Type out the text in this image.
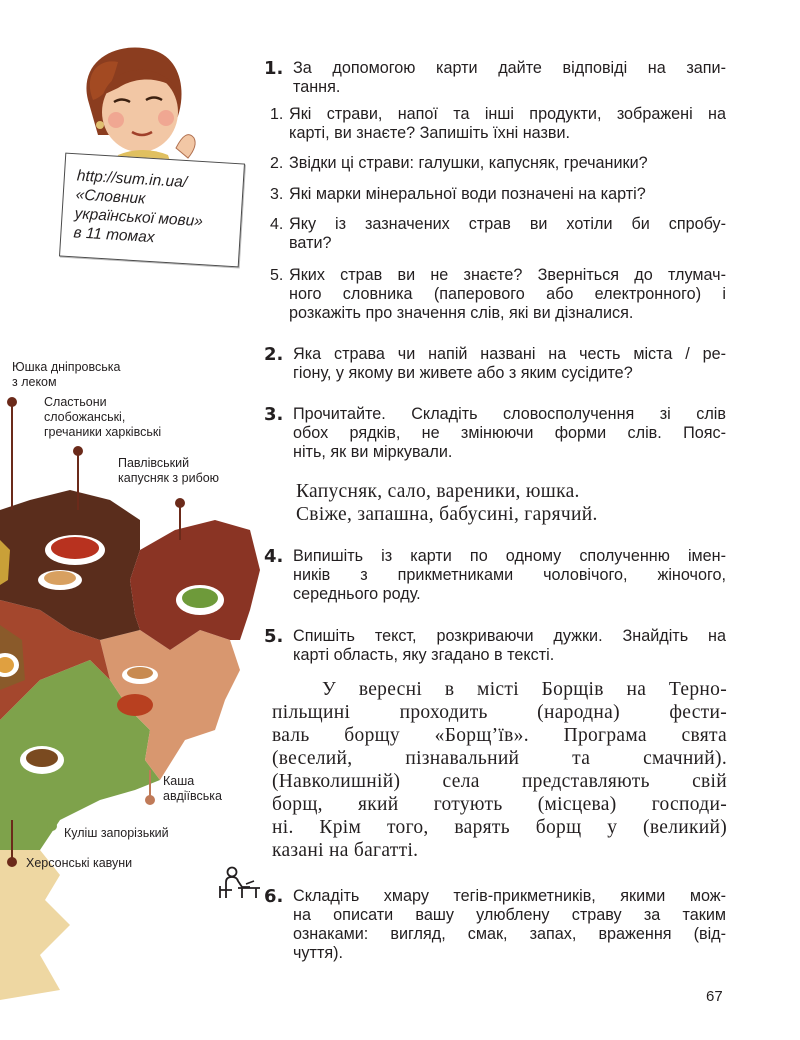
http://sum.in.ua/
«Словник
української мови»
в 11 томах
Юшка дніпровська
з леком
Сластьони
слобожанські,
гречаники харківські
Павлівський
капусняк з рибою
Каша
авдіївська
Куліш запорізький
Херсонські кавуни
1. За допомогою карти дайте відповіді на запи-
тання.
1. Які страви, напої та інші продукти, зображені на
карті, ви знаєте? Запишіть їхні назви.
2. Звідки ці страви: галушки, капусняк, гречаники?
3. Які марки мінеральної води позначені на карті?
4. Яку із зазначених страв ви хотіли би спробу-
вати?
5. Яких страв ви не знаєте? Зверніться до тлумач-
ного словника (паперового або електронного) і
розкажіть про значення слів, які ви дізналися.
2. Яка страва чи напій названі на честь міста / ре-
гіону, у якому ви живете або з яким сусідите?
3. Прочитайте. Складіть словосполучення зі слів
обох рядків, не змінюючи форми слів. Пояс-
ніть, як ви міркували.
Капусняк, сало, вареники, юшка.
Свіже, запашна, бабусині, гарячий.
4. Випишіть із карти по одному сполученню імен-
ників з прикметниками чоловічого, жіночого,
середнього роду.
5. Спишіть текст, розкриваючи дужки. Знайдіть на
карті область, яку згадано в тексті.
У вересні в місті Борщів на Терно-
пільщині проходить (народна) фести-
валь борщу «Борщ’їв». Програма свята
(веселий, пізнавальний та смачний).
(Навколишній) села представляють свій
борщ, який готують (місцева) господи-
ні. Крім того, варять борщ у (великий)
казані на багатті.
6. Складіть хмару тегів-прикметників, якими мож-
на описати вашу улюблену страву за таким
ознаками: вигляд, смак, запах, враження (від-
чуття).
67
